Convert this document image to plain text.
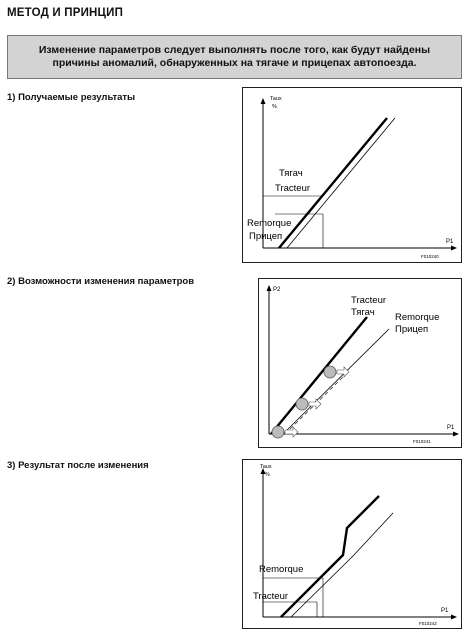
МЕТОД И ПРИНЦИП
Изменение параметров следует выполнять после того, как будут найдены
причины аномалий, обнаруженных на тягаче и прицепах автопоезда.
1) Получаемые результаты
2) Возможности изменения параметров
3) Результат после изменения
Taux
%
P1
F010240
Тягач
Tracteur
Remorque
Прицеп
P2
P1
F010241
Tracteur
Тягач Remorque
Прицеп
Taux
%
P1
F010242
Remorque
Tracteur
